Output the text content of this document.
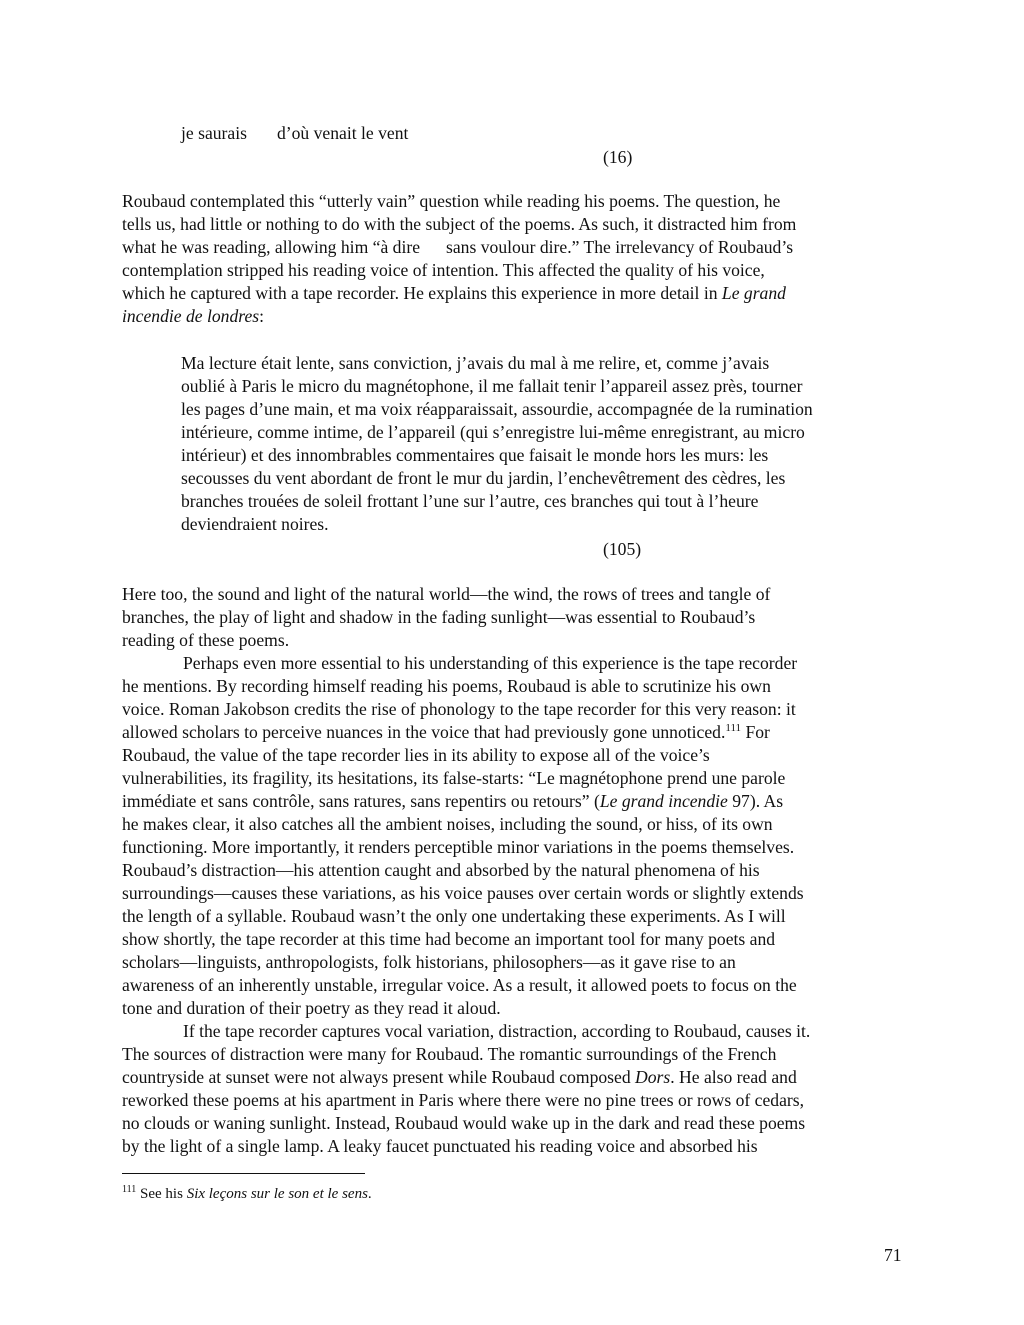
je saurais d’où venait le vent
(16)
Roubaud contemplated this “utterly vain” question while reading his poems. The question, he
tells us, had little or nothing to do with the subject of the poems. As such, it distracted him from
what he was reading, allowing him “à dire sans voulour dire.” The irrelevancy of Roubaud’s
contemplation stripped his reading voice of intention. This affected the quality of his voice,
which he captured with a tape recorder. He explains this experience in more detail in Le grand
incendie de londres:
Ma lecture était lente, sans conviction, j’avais du mal à me relire, et, comme j’avais
oublié à Paris le micro du magnétophone, il me fallait tenir l’appareil assez près, tourner
les pages d’une main, et ma voix réapparaissait, assourdie, accompagnée de la rumination
intérieure, comme intime, de l’appareil (qui s’enregistre lui-même enregistrant, au micro
intérieur) et des innombrables commentaires que faisait le monde hors les murs: les
secousses du vent abordant de front le mur du jardin, l’enchevêtrement des cèdres, les
branches trouées de soleil frottant l’une sur l’autre, ces branches qui tout à l’heure
deviendraient noires.
(105)
Here too, the sound and light of the natural world—the wind, the rows of trees and tangle of
branches, the play of light and shadow in the fading sunlight—was essential to Roubaud’s
reading of these poems.
Perhaps even more essential to his understanding of this experience is the tape recorder
he mentions. By recording himself reading his poems, Roubaud is able to scrutinize his own
voice. Roman Jakobson credits the rise of phonology to the tape recorder for this very reason: it
allowed scholars to perceive nuances in the voice that had previously gone unnoticed.$^{111}$ For
Roubaud, the value of the tape recorder lies in its ability to expose all of the voice’s
vulnerabilities, its fragility, its hesitations, its false-starts: “Le magnétophone prend une parole
immédiate et sans contrôle, sans ratures, sans repentirs ou retours” (Le grand incendie 97). As
he makes clear, it also catches all the ambient noises, including the sound, or hiss, of its own
functioning. More importantly, it renders perceptible minor variations in the poems themselves.
Roubaud’s distraction—his attention caught and absorbed by the natural phenomena of his
surroundings—causes these variations, as his voice pauses over certain words or slightly extends
the length of a syllable. Roubaud wasn’t the only one undertaking these experiments. As I will
show shortly, the tape recorder at this time had become an important tool for many poets and
scholars—linguists, anthropologists, folk historians, philosophers—as it gave rise to an
awareness of an inherently unstable, irregular voice. As a result, it allowed poets to focus on the
tone and duration of their poetry as they read it aloud.
If the tape recorder captures vocal variation, distraction, according to Roubaud, causes it.
The sources of distraction were many for Roubaud. The romantic surroundings of the French
countryside at sunset were not always present while Roubaud composed Dors. He also read and
reworked these poems at his apartment in Paris where there were no pine trees or rows of cedars,
no clouds or waning sunlight. Instead, Roubaud would wake up in the dark and read these poems
by the light of a single lamp. A leaky faucet punctuated his reading voice and absorbed his
$^{111}$ See his Six leçons sur le son et le sens.
71
